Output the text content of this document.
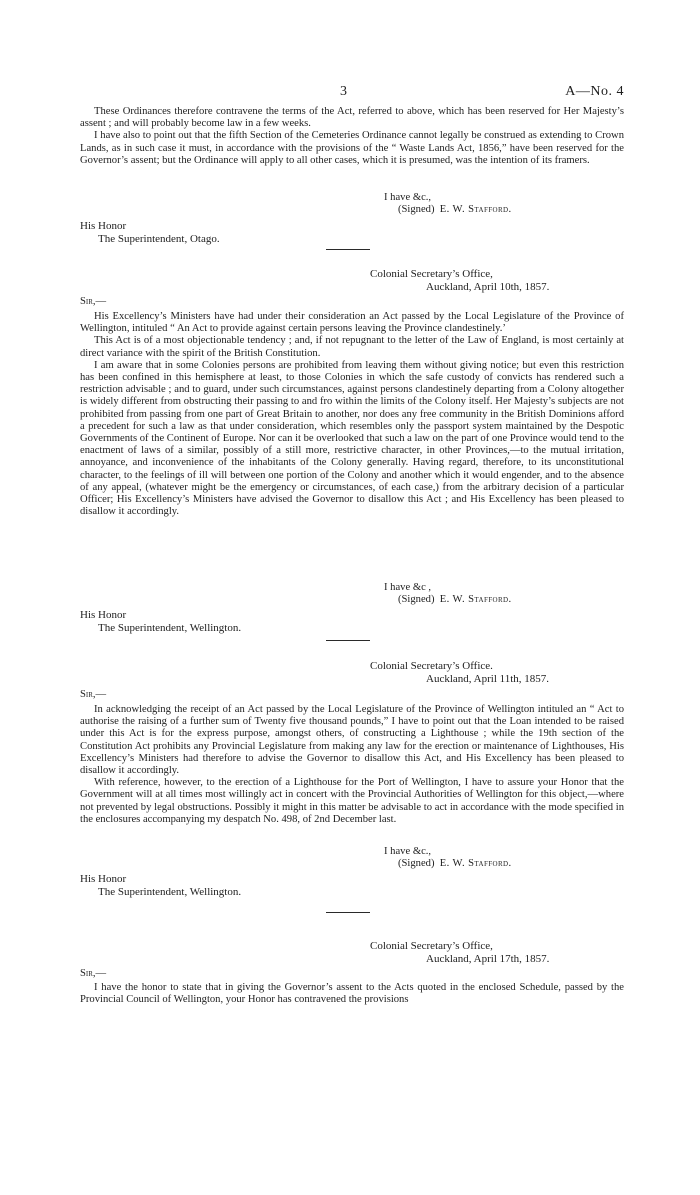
3	A—No. 4

These Ordinances therefore contravene the terms of the Act, referred to above, which has been reserved for Her Majesty’s assent ; and will probably become law in a few weeks.

I have also to point out that the fifth Section of the Cemeteries Ordinance cannot legally be construed as extending to Crown Lands, as in such case it must, in accordance with the provisions of the “ Waste Lands Act, 1856,” have been reserved for the Governor’s assent; but the Ordinance will apply to all other cases, which it is presumed, was the intention of its framers.

I have &c.,
(Signed) E. W. Stafford.
His Honor
The Superintendent, Otago.
Colonial Secretary’s Office,
Auckland, April 10th, 1857.
Sir,—

His Excellency’s Ministers have had under their consideration an Act passed by the Local Legislature of the Province of Wellington, intituled “ An Act to provide against certain persons leaving the Province clandestinely.’

This Act is of a most objectionable tendency ; and, if not repugnant to the letter of the Law of England, is most certainly at direct variance with the spirit of the British Constitution.

I am aware that in some Colonies persons are prohibited from leaving them without giving notice; but even this restriction has been confined in this hemisphere at least, to those Colonies in which the safe custody of convicts has rendered such a restriction advisable ; and to guard, under such circumstances, against persons clandestinely departing from a Colony altogether is widely different from obstructing their passing to and fro within the limits of the Colony itself. Her Majesty’s subjects are not prohibited from passing from one part of Great Britain to another, nor does any free community in the British Dominions afford a precedent for such a law as that under consideration, which resembles only the passport system maintained by the Despotic Governments of the Continent of Europe. Nor can it be overlooked that such a law on the part of one Province would tend to the enactment of laws of a similar, possibly of a still more, restrictive character, in other Provinces,—to the mutual irritation, annoyance, and inconvenience of the inhabitants of the Colony generally. Having regard, therefore, to its unconstitutional character, to the feelings of ill will between one portion of the Colony and another which it would engender, and to the absence of any appeal, (whatever might be the emergency or circumstances, of each case,) from the arbitrary decision of a particular Officer; His Excellency’s Ministers have advised the Governor to disallow this Act ; and His Excellency has been pleased to disallow it accordingly.

I have &c ,
(Signed) E. W. Stafford.
His Honor
The Superintendent, Wellington.
Colonial Secretary’s Office.
Auckland, April 11th, 1857.
Sir,—

In acknowledging the receipt of an Act passed by the Local Legislature of the Province of Wellington intituled an “ Act to authorise the raising of a further sum of Twenty five thousand pounds,” I have to point out that the Loan intended to be raised under this Act is for the express purpose, amongst others, of constructing a Lighthouse ; while the 19th section of the Constitution Act prohibits any Provincial Legislature from making any law for the erection or maintenance of Lighthouses, His Excellency’s Ministers had therefore to advise the Governor to disallow this Act, and His Excellency has been pleased to disallow it accordingly.

With reference, however, to the erection of a Lighthouse for the Port of Wellington, I have to assure your Honor that the Government will at all times most willingly act in concert with the Provincial Authorities of Wellington for this object,—where not prevented by legal obstructions. Possibly it might in this matter be advisable to act in accordance with the mode specified in the enclosures accompanying my despatch No. 498, of 2nd December last.

I have &c.,
(Signed) E. W. Stafford.
His Honor
The Superintendent, Wellington.
Colonial Secretary’s Office,
Auckland, April 17th, 1857.
Sir,—

I have the honor to state that in giving the Governor’s assent to the Acts quoted in the enclosed Schedule, passed by the Provincial Council of Wellington, your Honor has contravened the provisions
